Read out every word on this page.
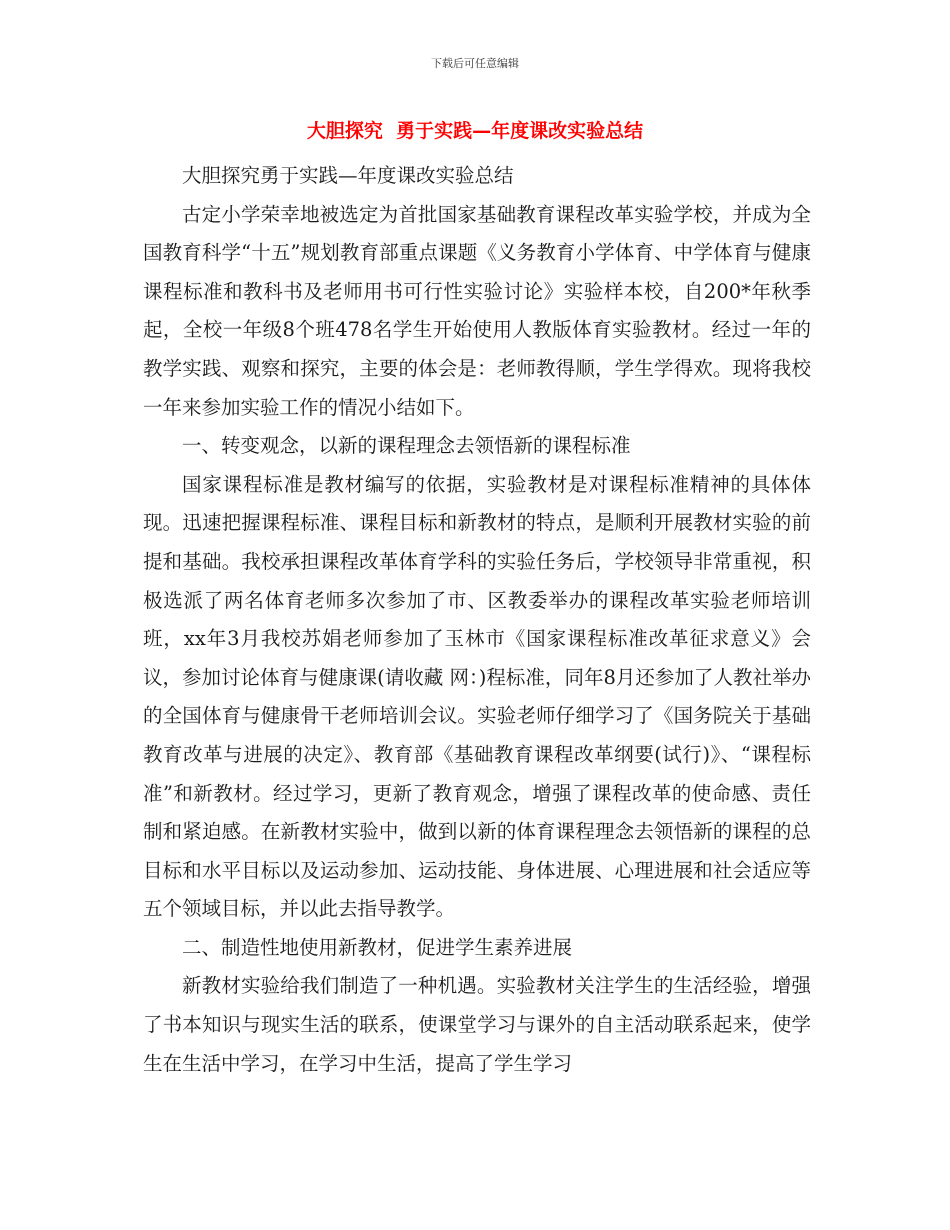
下载后可任意编辑
大胆探究  勇于实践—年度课改实验总结

大胆探究勇于实践—年度课改实验总结

古定小学荣幸地被选定为首批国家基础教育课程改革实验学校，并成为全国教育科学“十五”规划教育部重点课题《义务教育小学体育、中学体育与健康课程标准和教科书及老师用书可行性实验讨论》实验样本校，自200*年秋季起，全校一年级8个班478名学生开始使用人教版体育实验教材。经过一年的教学实践、观察和探究，主要的体会是：老师教得顺，学生学得欢。现将我校一年来参加实验工作的情况小结如下。

一、转变观念，以新的课程理念去领悟新的课程标准

国家课程标准是教材编写的依据，实验教材是对课程标准精神的具体体现。迅速把握课程标准、课程目标和新教材的特点，是顺利开展教材实验的前提和基础。我校承担课程改革体育学科的实验任务后，学校领导非常重视，积极选派了两名体育老师多次参加了市、区教委举办的课程改革实验老师培训班，xx年3月我校苏娟老师参加了玉林市《国家课程标准改革征求意义》会议，参加讨论体育与健康课(请收藏 网：)程标准，同年8月还参加了人教社举办的全国体育与健康骨干老师培训会议。实验老师仔细学习了《国务院关于基础教育改革与进展的决定》、教育部《基础教育课程改革纲要(试行)》、“课程标准”和新教材。经过学习，更新了教育观念，增强了课程改革的使命感、责任制和紧迫感。在新教材实验中，做到以新的体育课程理念去领悟新的课程的总目标和水平目标以及运动参加、运动技能、身体进展、心理进展和社会适应等五个领域目标，并以此去指导教学。

二、制造性地使用新教材，促进学生素养进展

新教材实验给我们制造了一种机遇。实验教材关注学生的生活经验，增强了书本知识与现实生活的联系，使课堂学习与课外的自主活动联系起来，使学生在生活中学习，在学习中生活，提高了学生学习
